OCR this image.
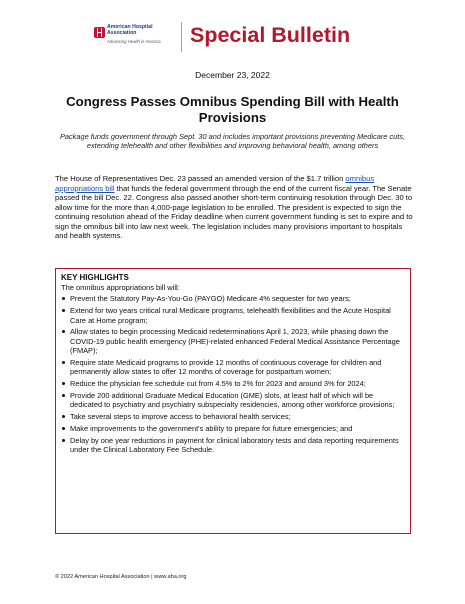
American Hospital Association
Advancing Health in America	Special Bulletin
December 23, 2022
Congress Passes Omnibus Spending Bill with Health Provisions
Package funds government through Sept. 30 and includes important provisions preventing Medicare cuts, extending telehealth and other flexibilities and improving behavioral health, among others
The House of Representatives Dec. 23 passed an amended version of the $1.7 trillion omnibus appropriations bill that funds the federal government through the end of the current fiscal year. The Senate passed the bill Dec. 22. Congress also passed another short-term continuing resolution through Dec. 30 to allow time for the more than 4,000-page legislation to be enrolled. The president is expected to sign the continuing resolution ahead of the Friday deadline when current government funding is set to expire and to sign the omnibus bill into law next week. The legislation includes many provisions important to hospitals and health systems.
KEY HIGHLIGHTS
The omnibus appropriations bill will:
Prevent the Statutory Pay-As-You-Go (PAYGO) Medicare 4% sequester for two years;
Extend for two years critical rural Medicare programs, telehealth flexibilities and the Acute Hospital Care at Home program;
Allow states to begin processing Medicaid redeterminations April 1, 2023, while phasing down the COVID-19 public health emergency (PHE)-related enhanced Federal Medical Assistance Percentage (FMAP);
Require state Medicaid programs to provide 12 months of continuous coverage for children and permanently allow states to offer 12 months of coverage for postpartum women;
Reduce the physician fee schedule cut from 4.5% to 2% for 2023 and around 3% for 2024;
Provide 200 additional Graduate Medical Education (GME) slots, at least half of which will be dedicated to psychiatry and psychiatry subspecialty residencies, among other workforce provisions;
Take several steps to improve access to behavioral health services;
Make improvements to the government's ability to prepare for future emergencies; and
Delay by one year reductions in payment for clinical laboratory tests and data reporting requirements under the Clinical Laboratory Fee Schedule.
© 2022 American Hospital Association | www.aha.org
